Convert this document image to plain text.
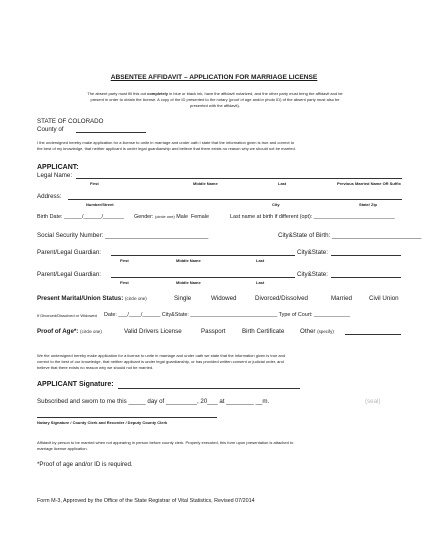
ABSENTEE AFFIDAVIT – APPLICATION FOR MARRIAGE LICENSE
The absent party must fill this out completely in blue or black ink, have the affidavit notarized, and the other party must bring the affidavit and be
present in order to obtain the license. A copy of the ID presented to the notary (proof of age and/or photo ID) of the absent party must also be
presented with the affidavit).
STATE OF COLORADO
County of
I the undersigned hereby make application for a license to unite in marriage and under oath I state that the information given is true and correct to
the best of my knowledge, that neither applicant is under legal guardianship and believe that there exists no reason why we should not be married.
APPLICANT:
Legal Name:
First	Middle Name	Last	Previous Married Name OR Suffix
Address:
Number/Street	City	State/ Zip
Birth Date: ______/______/_______ Gender: (circle one) Male Female	Last name at birth if different (opt): ___________________________
Social Security Number: ______________________________	City&State of Birth: __________________________
Parent/Legal Guardian:	City&State:
First	Middle Name	Last
Parent/Legal Guardian:	City&State:
First	Middle Name	Last
Present Marital/Union Status: (circle one)	Single	Widowed	Divorced/Dissolved	Married	Civil Union
If Divorced/Dissolved or Widowed Date: ___/____/______ City&State: _____________________________ Type of Court: ____________
Proof of Age*: (circle one)	Valid Drivers License	Passport	Birth Certificate	Other (specify)
We the undersigned hereby make application for a license to unite in marriage and under oath we state that the information given is true and
correct to the best of our knowledge, that neither applicant is under legal guardianship, or has provided written consent or judicial order, and
believe that there exists no reason why we should not be married.
APPLICANT Signature:
Subscribed and sworn to me this _____ day of _________, 20___ at ________ __m.	(seal)
Notary Signature / County Clerk and Recorder / Deputy County Clerk
Affidavit by person to be married when not appearing in person before county clerk. Properly executed, this form upon presentation is attached to
marriage license application.
*Proof of age and/or ID is required.
Form M-3, Approved by the Office of the State Registrar of Vital Statistics, Revised 07/2014
